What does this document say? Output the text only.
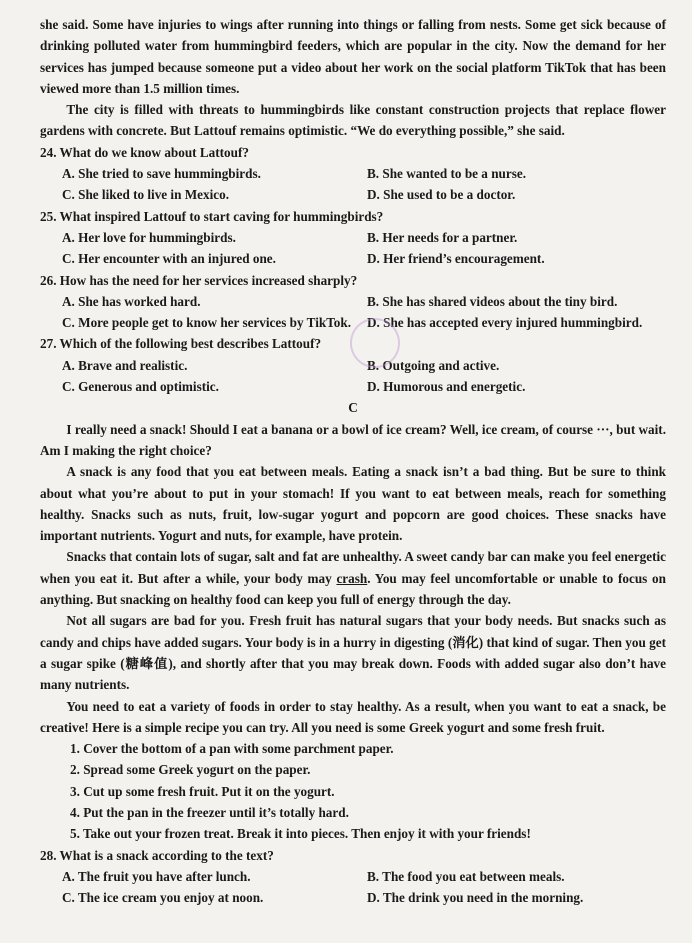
she said. Some have injuries to wings after running into things or falling from nests. Some get sick because of drinking polluted water from hummingbird feeders, which are popular in the city. Now the demand for her services has jumped because someone put a video about her work on the social platform TikTok that has been viewed more than 1.5 million times.

The city is filled with threats to hummingbirds like constant construction projects that replace flower gardens with concrete. But Lattouf remains optimistic. “We do everything possible,” she said.

24. What do we know about Lattouf?

A. She tried to save hummingbirds.	B. She wanted to be a nurse.
C. She liked to live in Mexico.	D. She used to be a doctor.

25. What inspired Lattouf to start caving for hummingbirds?

A. Her love for hummingbirds.	B. Her needs for a partner.
C. Her encounter with an injured one.	D. Her friend’s encouragement.

26. How has the need for her services increased sharply?

A. She has worked hard.	B. She has shared videos about the tiny bird.
C. More people get to know her services by TikTok.	D. She has accepted every injured hummingbird.

27. Which of the following best describes Lattouf?

A. Brave and realistic.	B. Outgoing and active.
C. Generous and optimistic.	D. Humorous and energetic.

C

I really need a snack! Should I eat a banana or a bowl of ice cream? Well, ice cream, of course ···, but wait. Am I making the right choice?

A snack is any food that you eat between meals. Eating a snack isn’t a bad thing. But be sure to think about what you’re about to put in your stomach! If you want to eat between meals, reach for something healthy. Snacks such as nuts, fruit, low-sugar yogurt and popcorn are good choices. These snacks have important nutrients. Yogurt and nuts, for example, have protein.

Snacks that contain lots of sugar, salt and fat are unhealthy. A sweet candy bar can make you feel energetic when you eat it. But after a while, your body may crash. You may feel uncomfortable or unable to focus on anything. But snacking on healthy food can keep you full of energy through the day.

Not all sugars are bad for you. Fresh fruit has natural sugars that your body needs. But snacks such as candy and chips have added sugars. Your body is in a hurry in digesting (消化) that kind of sugar. Then you get a sugar spike (糖峰值), and shortly after that you may break down. Foods with added sugar also don’t have many nutrients.

You need to eat a variety of foods in order to stay healthy. As a result, when you want to eat a snack, be creative! Here is a simple recipe you can try. All you need is some Greek yogurt and some fresh fruit.

1. Cover the bottom of a pan with some parchment paper.

2. Spread some Greek yogurt on the paper.

3. Cut up some fresh fruit. Put it on the yogurt.

4. Put the pan in the freezer until it’s totally hard.

5. Take out your frozen treat. Break it into pieces. Then enjoy it with your friends!

28. What is a snack according to the text?

A. The fruit you have after lunch.	B. The food you eat between meals.
C. The ice cream you enjoy at noon.	D. The drink you need in the morning.
